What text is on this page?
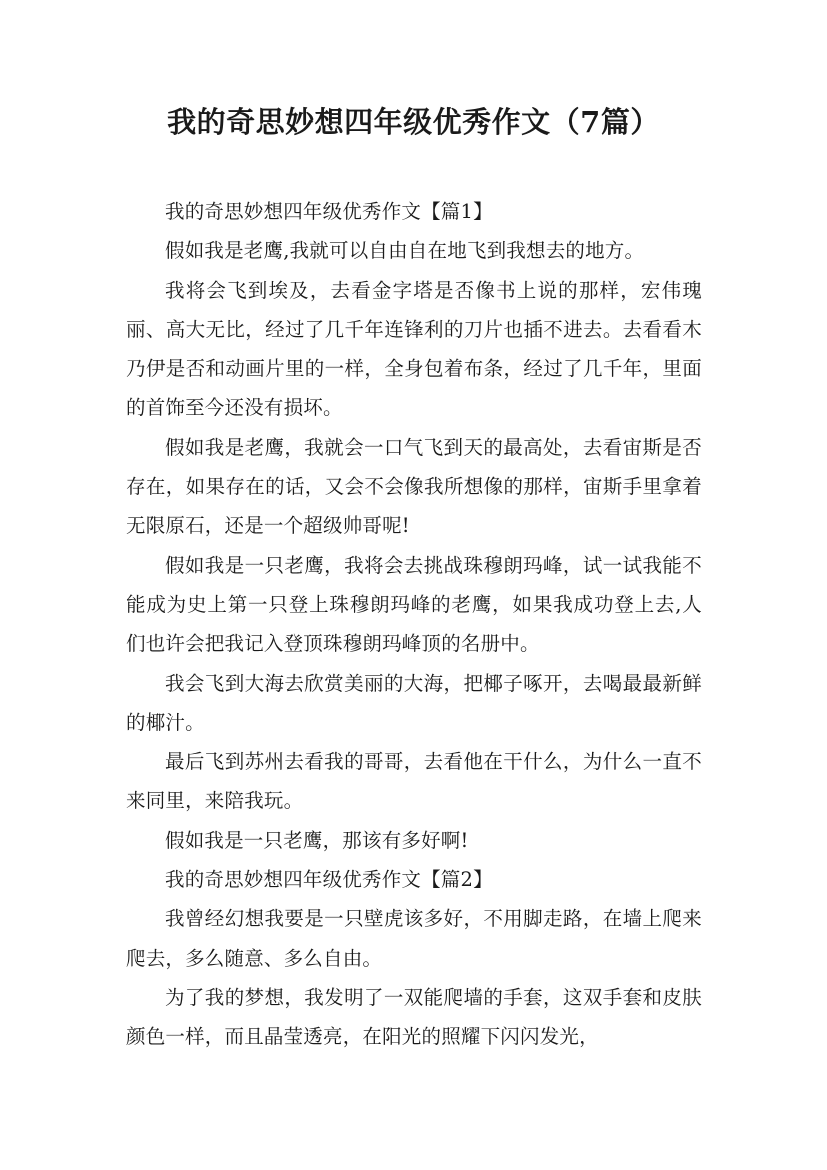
我的奇思妙想四年级优秀作文（7篇）

我的奇思妙想四年级优秀作文【篇1】

假如我是老鹰,我就可以自由自在地飞到我想去的地方。

我将会飞到埃及，去看金字塔是否像书上说的那样，宏伟瑰丽、高大无比，经过了几千年连锋利的刀片也插不进去。去看看木乃伊是否和动画片里的一样，全身包着布条，经过了几千年，里面的首饰至今还没有损坏。

假如我是老鹰，我就会一口气飞到天的最高处，去看宙斯是否存在，如果存在的话，又会不会像我所想像的那样，宙斯手里拿着无限原石，还是一个超级帅哥呢!

假如我是一只老鹰，我将会去挑战珠穆朗玛峰，试一试我能不能成为史上第一只登上珠穆朗玛峰的老鹰，如果我成功登上去,人们也许会把我记入登顶珠穆朗玛峰顶的名册中。

我会飞到大海去欣赏美丽的大海，把椰子啄开，去喝最最新鲜的椰汁。

最后飞到苏州去看我的哥哥，去看他在干什么，为什么一直不来同里，来陪我玩。

假如我是一只老鹰，那该有多好啊!

我的奇思妙想四年级优秀作文【篇2】

我曾经幻想我要是一只壁虎该多好，不用脚走路，在墙上爬来爬去，多么随意、多么自由。

为了我的梦想，我发明了一双能爬墙的手套，这双手套和皮肤颜色一样，而且晶莹透亮，在阳光的照耀下闪闪发光，
